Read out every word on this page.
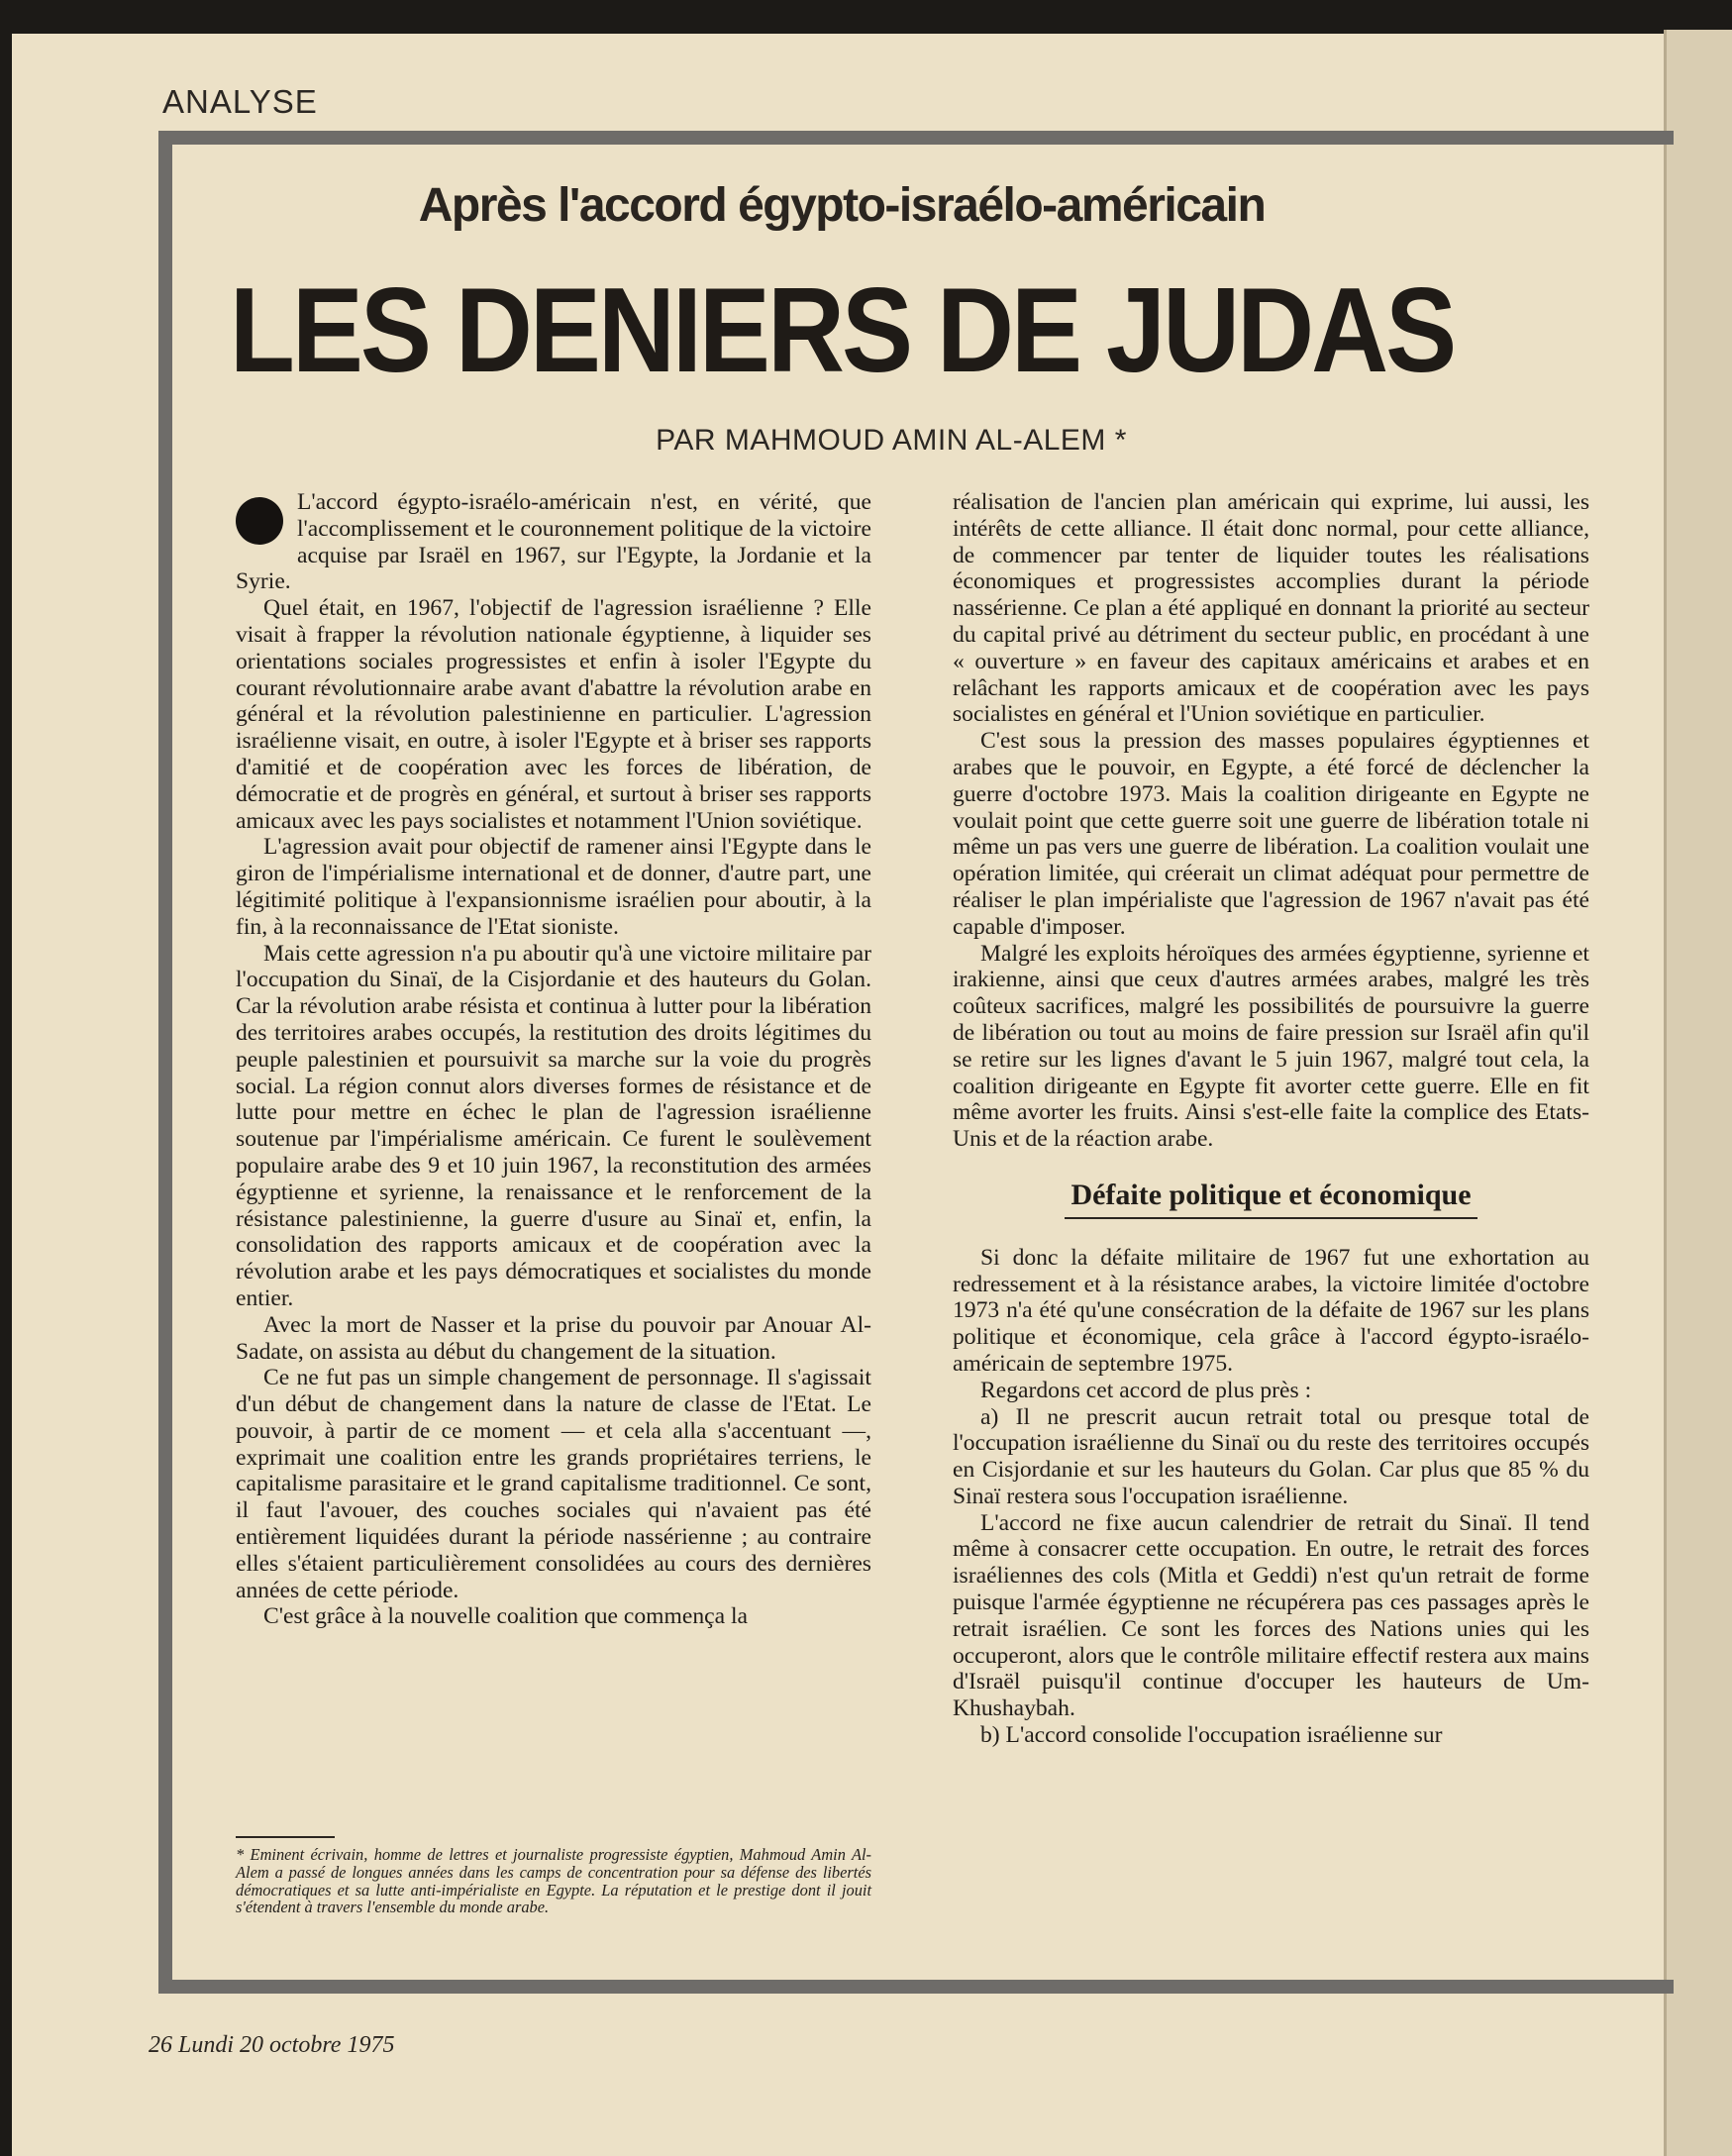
ANALYSE
Après l'accord égypto-israélo-américain
LES DENIERS DE JUDAS
PAR MAHMOUD AMIN AL-ALEM *

L'accord égypto-israélo-américain n'est, en vérité, que l'accomplissement et le couronnement politique de la victoire acquise par Israël en 1967, sur l'Egypte, la Jordanie et la Syrie.

Quel était, en 1967, l'objectif de l'agression israélienne ? Elle visait à frapper la révolution nationale égyptienne, à liquider ses orientations sociales progressistes et enfin à isoler l'Egypte du courant révolutionnaire arabe avant d'abattre la révolution arabe en général et la révolution palestinienne en particulier. L'agression israélienne visait, en outre, à isoler l'Egypte et à briser ses rapports d'amitié et de coopération avec les forces de libération, de démocratie et de progrès en général, et surtout à briser ses rapports amicaux avec les pays socialistes et notamment l'Union soviétique.

L'agression avait pour objectif de ramener ainsi l'Egypte dans le giron de l'impérialisme international et de donner, d'autre part, une légitimité politique à l'expansionnisme israélien pour aboutir, à la fin, à la reconnaissance de l'Etat sioniste.

Mais cette agression n'a pu aboutir qu'à une victoire militaire par l'occupation du Sinaï, de la Cisjordanie et des hauteurs du Golan. Car la révolution arabe résista et continua à lutter pour la libération des territoires arabes occupés, la restitution des droits légitimes du peuple palestinien et poursuivit sa marche sur la voie du progrès social. La région connut alors diverses formes de résistance et de lutte pour mettre en échec le plan de l'agression israélienne soutenue par l'impérialisme américain. Ce furent le soulèvement populaire arabe des 9 et 10 juin 1967, la reconstitution des armées égyptienne et syrienne, la renaissance et le renforcement de la résistance palestinienne, la guerre d'usure au Sinaï et, enfin, la consolidation des rapports amicaux et de coopération avec la révolution arabe et les pays démocratiques et socialistes du monde entier.

Avec la mort de Nasser et la prise du pouvoir par Anouar Al-Sadate, on assista au début du changement de la situation.

Ce ne fut pas un simple changement de personnage. Il s'agissait d'un début de changement dans la nature de classe de l'Etat. Le pouvoir, à partir de ce moment — et cela alla s'accentuant —, exprimait une coalition entre les grands propriétaires terriens, le capitalisme parasitaire et le grand capitalisme traditionnel. Ce sont, il faut l'avouer, des couches sociales qui n'avaient pas été entièrement liquidées durant la période nassérienne ; au contraire elles s'étaient particulièrement consolidées au cours des dernières années de cette période.

C'est grâce à la nouvelle coalition que commença la

* Eminent écrivain, homme de lettres et journaliste progressiste égyptien, Mahmoud Amin Al-Alem a passé de longues années dans les camps de concentration pour sa défense des libertés démocratiques et sa lutte anti-impérialiste en Egypte. La réputation et le prestige dont il jouit s'étendent à travers l'ensemble du monde arabe.

réalisation de l'ancien plan américain qui exprime, lui aussi, les intérêts de cette alliance. Il était donc normal, pour cette alliance, de commencer par tenter de liquider toutes les réalisations économiques et progressistes accomplies durant la période nassérienne. Ce plan a été appliqué en donnant la priorité au secteur du capital privé au détriment du secteur public, en procédant à une « ouverture » en faveur des capitaux américains et arabes et en relâchant les rapports amicaux et de coopération avec les pays socialistes en général et l'Union soviétique en particulier.

C'est sous la pression des masses populaires égyptiennes et arabes que le pouvoir, en Egypte, a été forcé de déclencher la guerre d'octobre 1973. Mais la coalition dirigeante en Egypte ne voulait point que cette guerre soit une guerre de libération totale ni même un pas vers une guerre de libération. La coalition voulait une opération limitée, qui créerait un climat adéquat pour permettre de réaliser le plan impérialiste que l'agression de 1967 n'avait pas été capable d'imposer.

Malgré les exploits héroïques des armées égyptienne, syrienne et irakienne, ainsi que ceux d'autres armées arabes, malgré les très coûteux sacrifices, malgré les possibilités de poursuivre la guerre de libération ou tout au moins de faire pression sur Israël afin qu'il se retire sur les lignes d'avant le 5 juin 1967, malgré tout cela, la coalition dirigeante en Egypte fit avorter cette guerre. Elle en fit même avorter les fruits. Ainsi s'est-elle faite la complice des Etats-Unis et de la réaction arabe.

Défaite politique et économique

Si donc la défaite militaire de 1967 fut une exhortation au redressement et à la résistance arabes, la victoire limitée d'octobre 1973 n'a été qu'une consécration de la défaite de 1967 sur les plans politique et économique, cela grâce à l'accord égypto-israélo-américain de septembre 1975.

Regardons cet accord de plus près :

a) Il ne prescrit aucun retrait total ou presque total de l'occupation israélienne du Sinaï ou du reste des territoires occupés en Cisjordanie et sur les hauteurs du Golan. Car plus que 85 % du Sinaï restera sous l'occupation israélienne.

L'accord ne fixe aucun calendrier de retrait du Sinaï. Il tend même à consacrer cette occupation. En outre, le retrait des forces israéliennes des cols (Mitla et Geddi) n'est qu'un retrait de forme puisque l'armée égyptienne ne récupérera pas ces passages après le retrait israélien. Ce sont les forces des Nations unies qui les occuperont, alors que le contrôle militaire effectif restera aux mains d'Israël puisqu'il continue d'occuper les hauteurs de Um-Khushaybah.

b) L'accord consolide l'occupation israélienne sur

26 Lundi 20 octobre 1975
